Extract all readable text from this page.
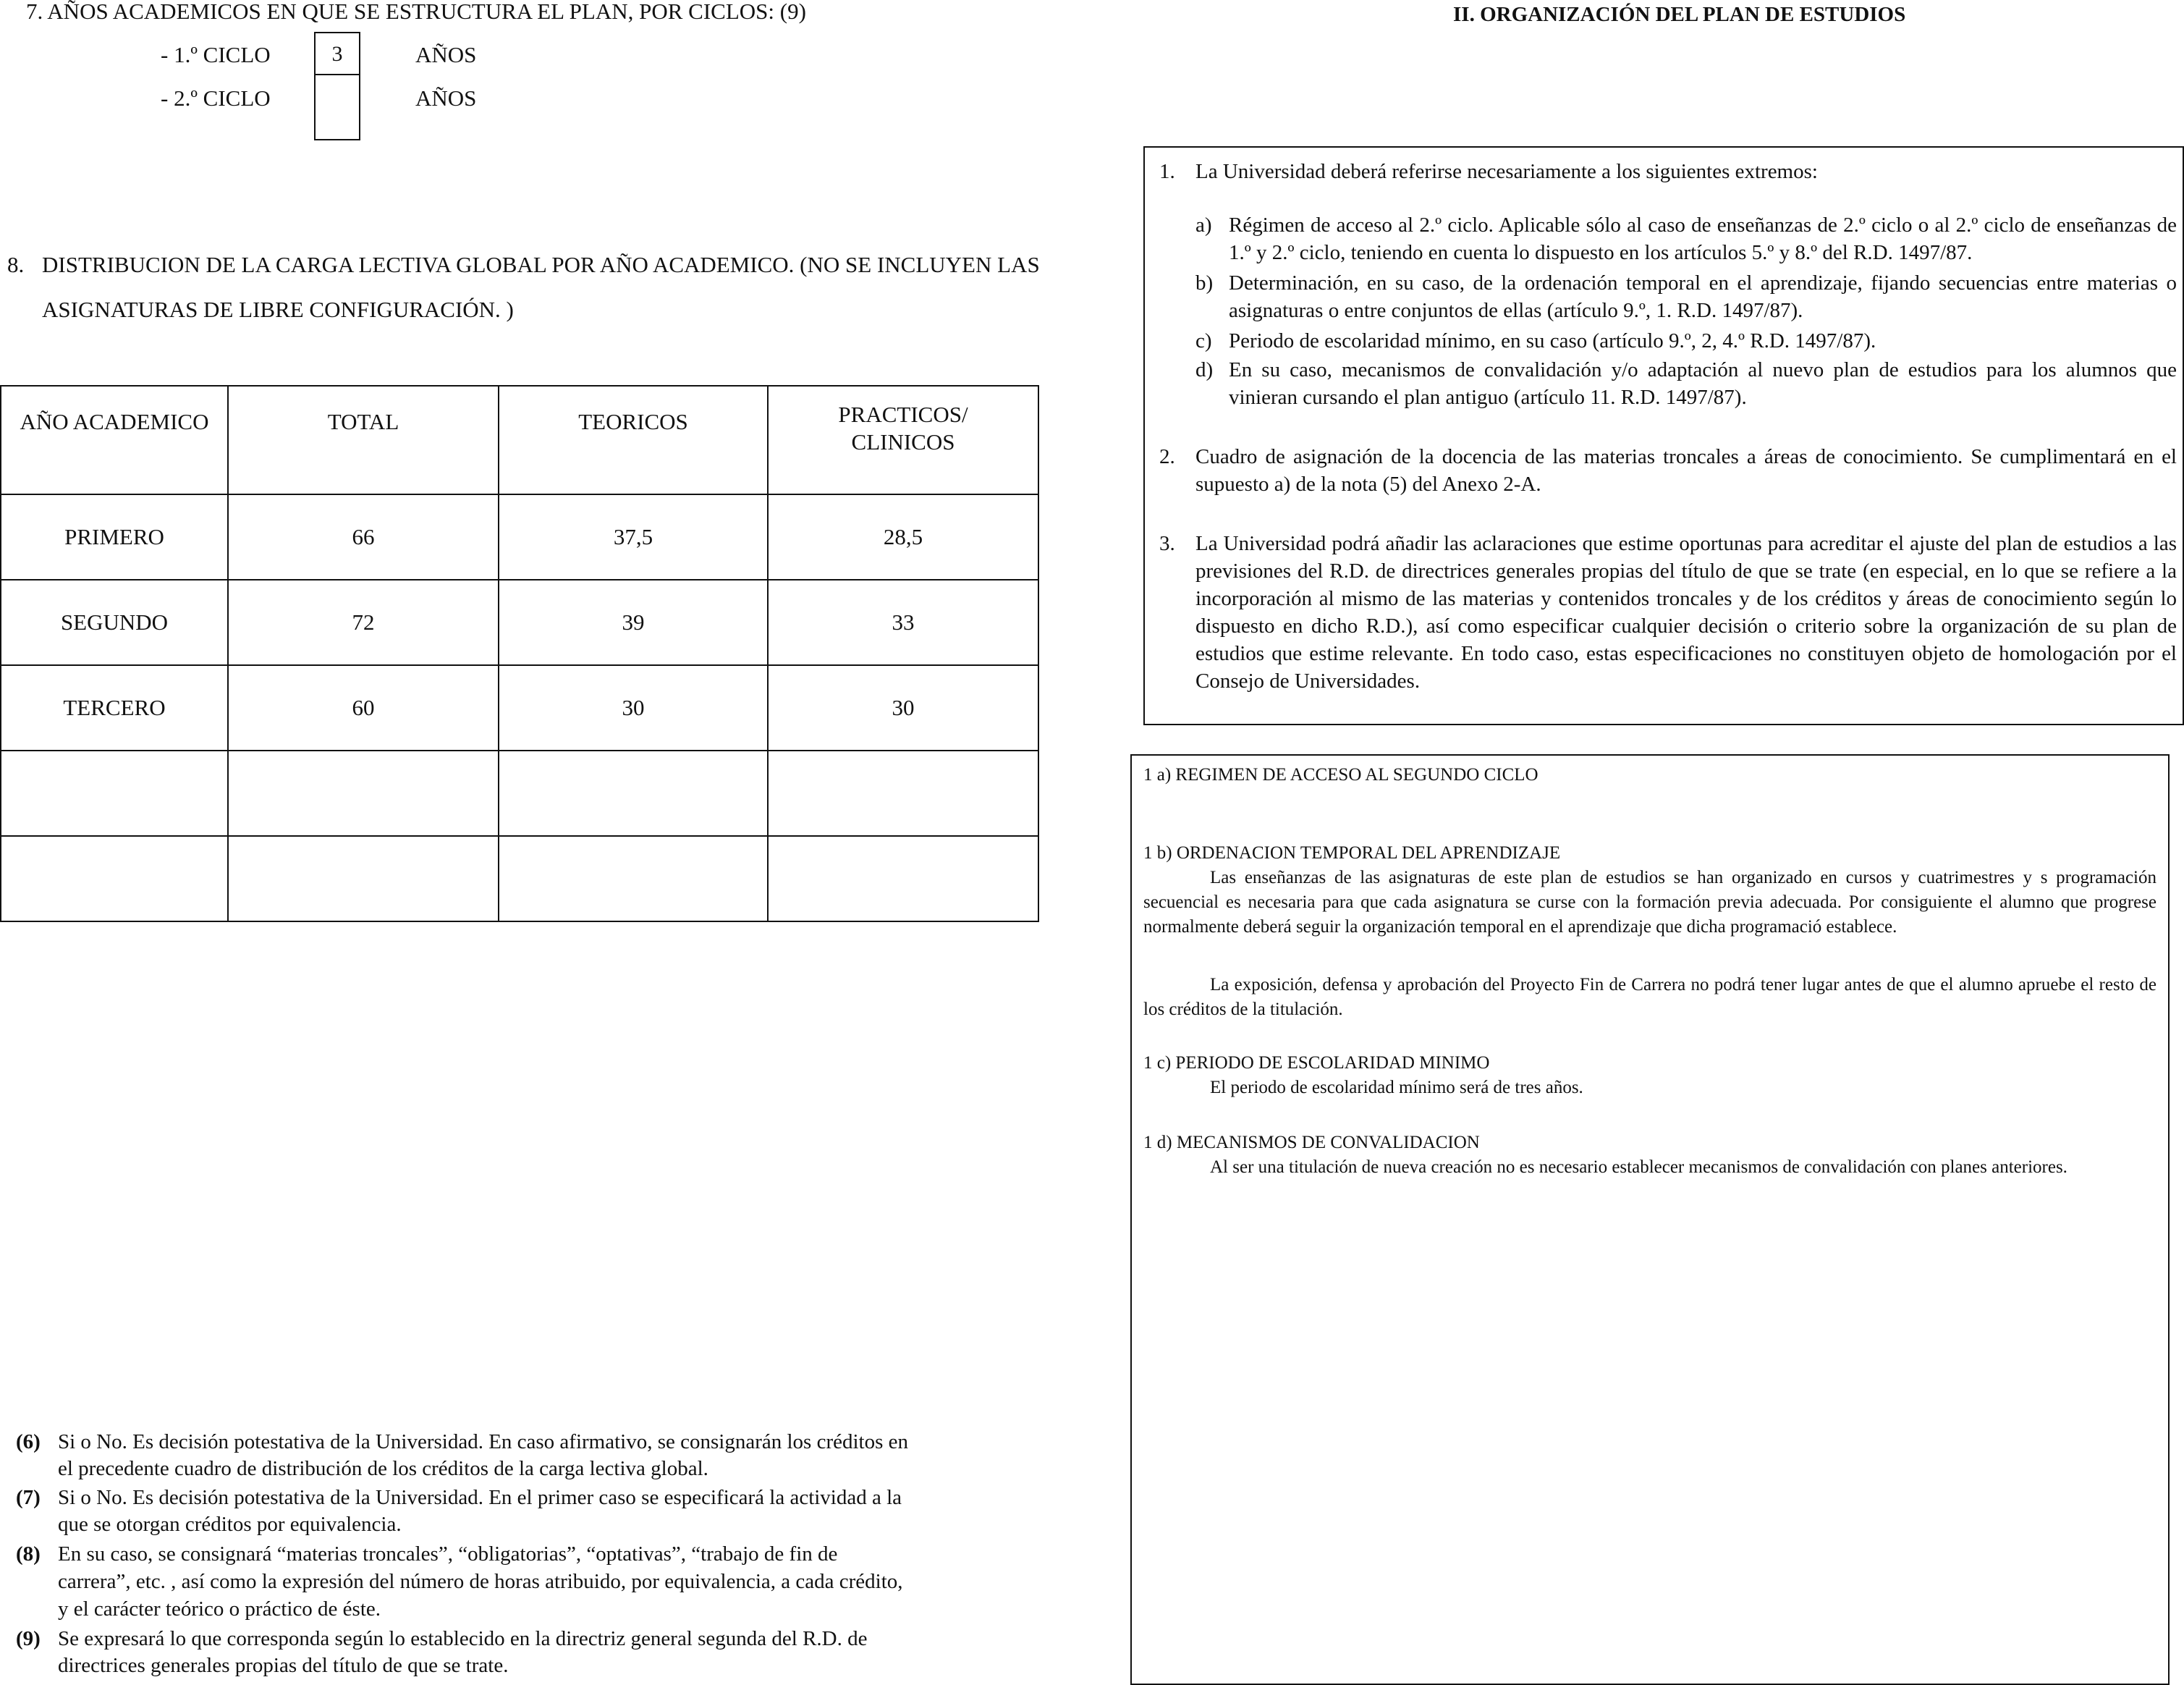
7. AÑOS ACADEMICOS EN QUE SE ESTRUCTURA EL PLAN, POR CICLOS: (9)
- 1.º CICLO	3	AÑOS
- 2.º CICLO	AÑOS
8. DISTRIBUCION DE LA CARGA LECTIVA GLOBAL POR AÑO ACADEMICO. (NO SE INCLUYEN LAS
ASIGNATURAS DE LIBRE CONFIGURACIÓN. )
AÑO ACADEMICO	TOTAL	TEORICOS	PRACTICOS/
CLINICOS

PRIMERO	66	37,5	28,5
SEGUNDO	72	39	33
TERCERO	60	30	30

(6) Si o No. Es decisión potestativa de la Universidad. En caso afirmativo, se consignarán los créditos en
el precedente cuadro de distribución de los créditos de la carga lectiva global.
(7) Si o No. Es decisión potestativa de la Universidad. En el primer caso se especificará la actividad a la
que se otorgan créditos por equivalencia.
(8) En su caso, se consignará “materias troncales”, “obligatorias”, “optativas”, “trabajo de fin de
carrera”, etc. , así como la expresión del número de horas atribuido, por equivalencia, a cada crédito,
y el carácter teórico o práctico de éste.
(9) Se expresará lo que corresponda según lo establecido en la directriz general segunda del R.D. de
directrices generales propias del título de que se trate.
II. ORGANIZACIÓN DEL PLAN DE ESTUDIOS
1. La Universidad deberá referirse necesariamente a los siguientes extremos:
a) Régimen de acceso al 2.º ciclo. Aplicable sólo al caso de enseñanzas de 2.º ciclo o al 2.º ciclo de enseñanzas de 1.º y 2.º ciclo, teniendo en cuenta lo dispuesto en los artículos 5.º y 8.º del R.D. 1497/87.
b) Determinación, en su caso, de la ordenación temporal en el aprendizaje, fijando secuencias entre materias o asignaturas o entre conjuntos de ellas (artículo 9.º, 1. R.D. 1497/87).
c) Periodo de escolaridad mínimo, en su caso (artículo 9.º, 2, 4.º R.D. 1497/87).
d) En su caso, mecanismos de convalidación y/o adaptación al nuevo plan de estudios para los alumnos que vinieran cursando el plan antiguo (artículo 11. R.D. 1497/87).
2. Cuadro de asignación de la docencia de las materias troncales a áreas de conocimiento. Se cumplimentará en el supuesto a) de la nota (5) del Anexo 2-A.
3. La Universidad podrá añadir las aclaraciones que estime oportunas para acreditar el ajuste del plan de estudios a las previsiones del R.D. de directrices generales propias del título de que se trate (en especial, en lo que se refiere a la incorporación al mismo de las materias y contenidos troncales y de los créditos y áreas de conocimiento según lo dispuesto en dicho R.D.), así como especificar cualquier decisión o criterio sobre la organización de su plan de estudios que estime relevante. En todo caso, estas especificaciones no constituyen objeto de homologación por el Consejo de Universidades.
1 a) REGIMEN DE ACCESO AL SEGUNDO CICLO
1 b) ORDENACION TEMPORAL DEL APRENDIZAJE
Las enseñanzas de las asignaturas de este plan de estudios se han organizado en cursos y cuatrimestres y s programación secuencial es necesaria para que cada asignatura se curse con la formación previa adecuada. Por consiguiente el alumno que progrese normalmente deberá seguir la organización temporal en el aprendizaje que dicha programació establece.
La exposición, defensa y aprobación del Proyecto Fin de Carrera no podrá tener lugar antes de que el alumno apruebe el resto de los créditos de la titulación.
1 c) PERIODO DE ESCOLARIDAD MINIMO
El periodo de escolaridad mínimo será de tres años.
1 d) MECANISMOS DE CONVALIDACION
Al ser una titulación de nueva creación no es necesario establecer mecanismos de convalidación con planes anteriores.
